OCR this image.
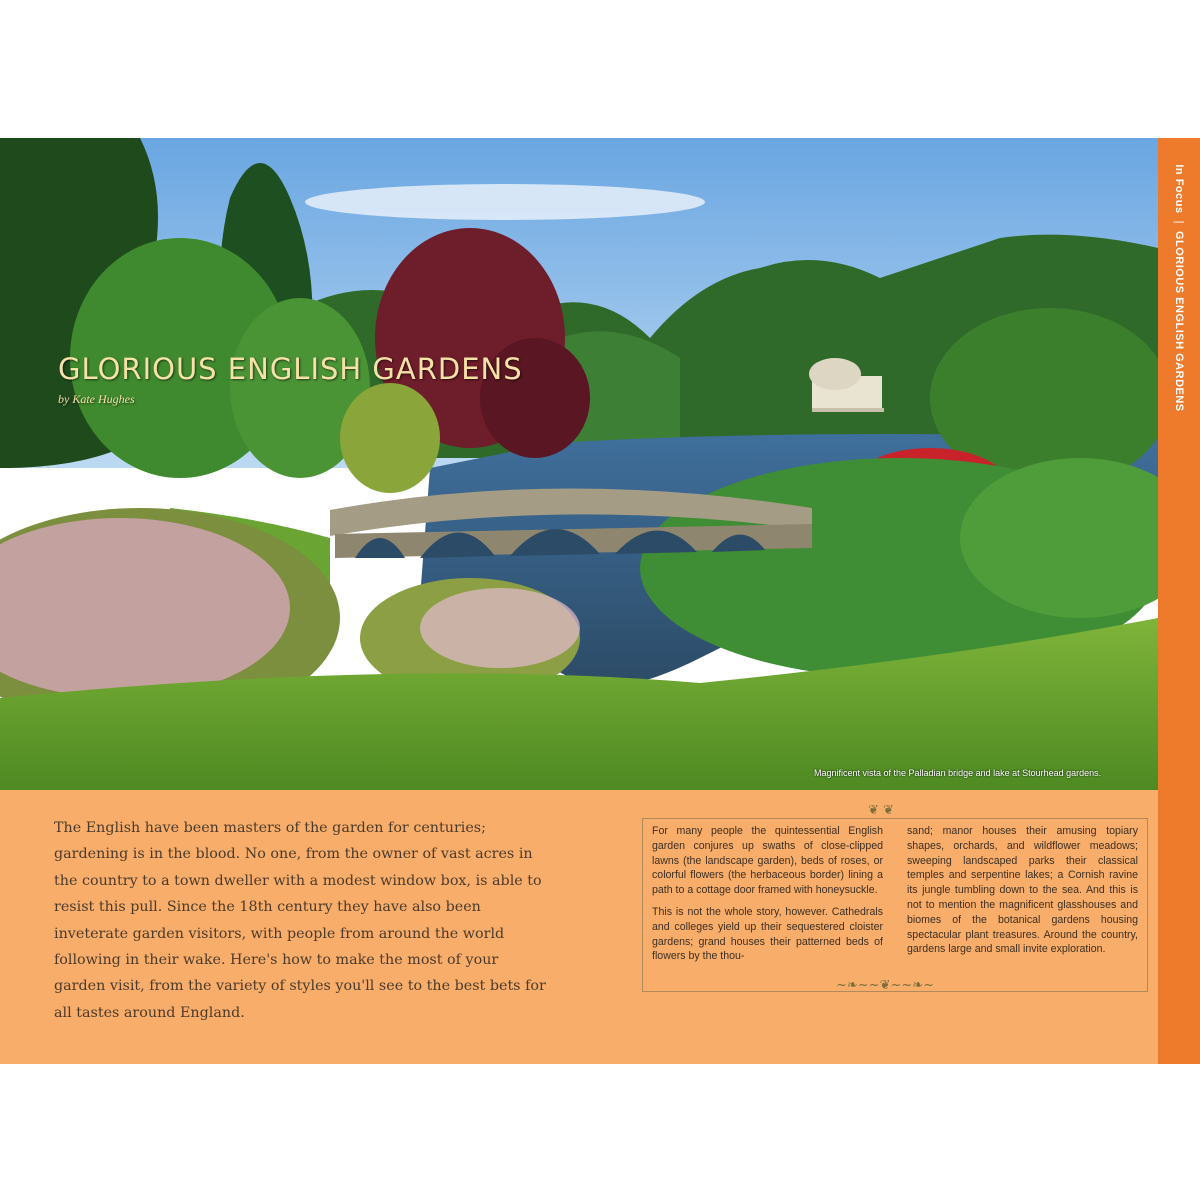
GLORIOUS ENGLISH GARDENS
by Kate Hughes
Magnificent vista of the Palladian bridge and lake at Stourhead gardens.
In Focus|GLORIOUS ENGLISH GARDENS

The English have been masters of the garden for centuries; gardening is in the blood. No one, from the owner of vast acres in the country to a town dweller with a modest window box, is able to resist this pull. Since the 18th century they have also been inveterate garden visitors, with people from around the world following in their wake. Here's how to make the most of your garden visit, from the variety of styles you'll see to the best bets for all tastes around England.

❦ ❦
~❧~~❦~~❧~

For many people the quintessential English garden conjures up swaths of close-clipped lawns (the landscape garden), beds of roses, or colorful flowers (the herbaceous border) lining a path to a cottage door framed with honeysuckle.

This is not the whole story, however. Cathedrals and colleges yield up their sequestered cloister gardens; grand houses their patterned beds of flowers by the thou-

sand; manor houses their amusing topiary shapes, orchards, and wildflower meadows; sweeping landscaped parks their classical temples and serpentine lakes; a Cornish ravine its jungle tumbling down to the sea. And this is not to mention the magnificent glasshouses and biomes of the botanical gardens housing spectacular plant treasures. Around the country, gardens large and small invite exploration.
